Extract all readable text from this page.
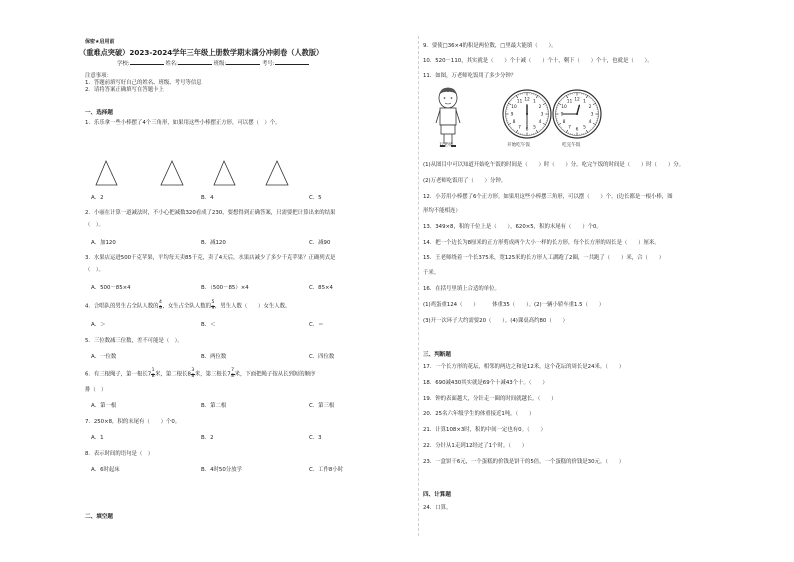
保密★启用前
（重难点突破）2023-2024学年三年级上册数学期末满分冲刺卷（人教版）
学校:	姓名:	班级:	考号:
注意事项：
1．答题前填写好自己的姓名、班级、考号等信息
2．请将答案正确填写在答题卡上
一、选择题
1．乐乐拿一些小棒摆了4个三角形，如果用这些小棒摆正方形，可以摆（　）个。
A．2	B．4	C．5
2．小丽在计算一道减法时，不小心把减数320看成了230，要想得到正确答案，只需要把计算出来的结果
（　）。
A．加120	B．减120	C．减90
3．水果店运进500千克苹果，平均每天卖85千克，卖了4天后，水果店减少了多少千克苹果？正确列式是
（　）。
A．500－85×4	B．（500－85）×4	C．85×4
4．合唱队的男生占全队人数的 $\frac{4}{9}$ ，女生占全队人数的 $\frac{5}{9}$ ，男生人数（　　）女生人数。
A．＞	B．＜	C．＝
5．三位数减三位数，差不可能是（　）。
A．一位数	B．两位数	C．四位数
6．有三根绳子，第一根长$7 \frac{1}{8}$ 米，第二根长$8 \frac{3}{8}$ 米，第三根长$7 \frac{7}{8}$ 米，下面把绳子按从长到短的顺序
排（　）
A．第一根	B．第二根	C．第三根
7．250×8，积的末尾有（　　）个0。
A．1	B．2	C．3
8．表示时间的语句是（　）
A．6时起床	B．4时50分放学	C．工作8小时
二、填空题
9．要使□36×4的积是两位数，□里最大能填（　　）。
10．520－110，其实就是（　　）个十减（　　）个十，剩下（　　）个十，也就是（　　）。
11．如图，万老师吃饭用了多少分钟？
1
2
3
4
5
6
7
8
9
10
11 12	1
2
3
4
5
6
7
8
9
10
11 12
万老师	开始吃午饭	吃完午饭
(1)从图目中可以知道开始吃午饭的时间是（　　）时（　　）分，吃完午饭的时间是（　　）时（　　）分。
(2)万老师吃饭用了（　　）分钟。
12．小芳用小棒摆了6个正方形。如果用这些小棒摆三角形，可以摆（　　）个。(边长都是一根小棒，图
形均不能相连）
13．349×8，积的千位上是（　　），620×5，积的末尾有（　　）个0。
14．把一个边长为8厘米的正方形剪成两个大小一样的长方形，每个长方形的周长是（　　）厘米。
15．王老师绕着一个长375米，宽125米的长方形人工湖跑了2圈，一共跑了（　　）米，合（　　）
千米。
16．在括号里填上合适的单位。
(1)鸡蛋重124（　　）　　　体重35（　　）。(2)一辆小轿车重1.5（　　）
(3)开一次环子大约需要20（　　）。(4)课桌高约80（　　）
三、判断题
17．一个长方形的花坛，相邻的两边之和是12米，这个花坛的周长是24米。（　　）
18．690减430其实就是69个十减43个十。（　　）
19．钟的表面越大，分针走一圈的时间就越长。（　　）
20．25名六年级学生的体重接近1吨。（　　）
21．计算108×3时，积的中间一定也有0。（　　）
22．分针从1走到12经过了1个时。（　　）
23．一盒饼干6元，一个蛋糕的价钱是饼干的5倍，一个蛋糕的价钱是30元。（　　）
四、计算题
24．口算。
